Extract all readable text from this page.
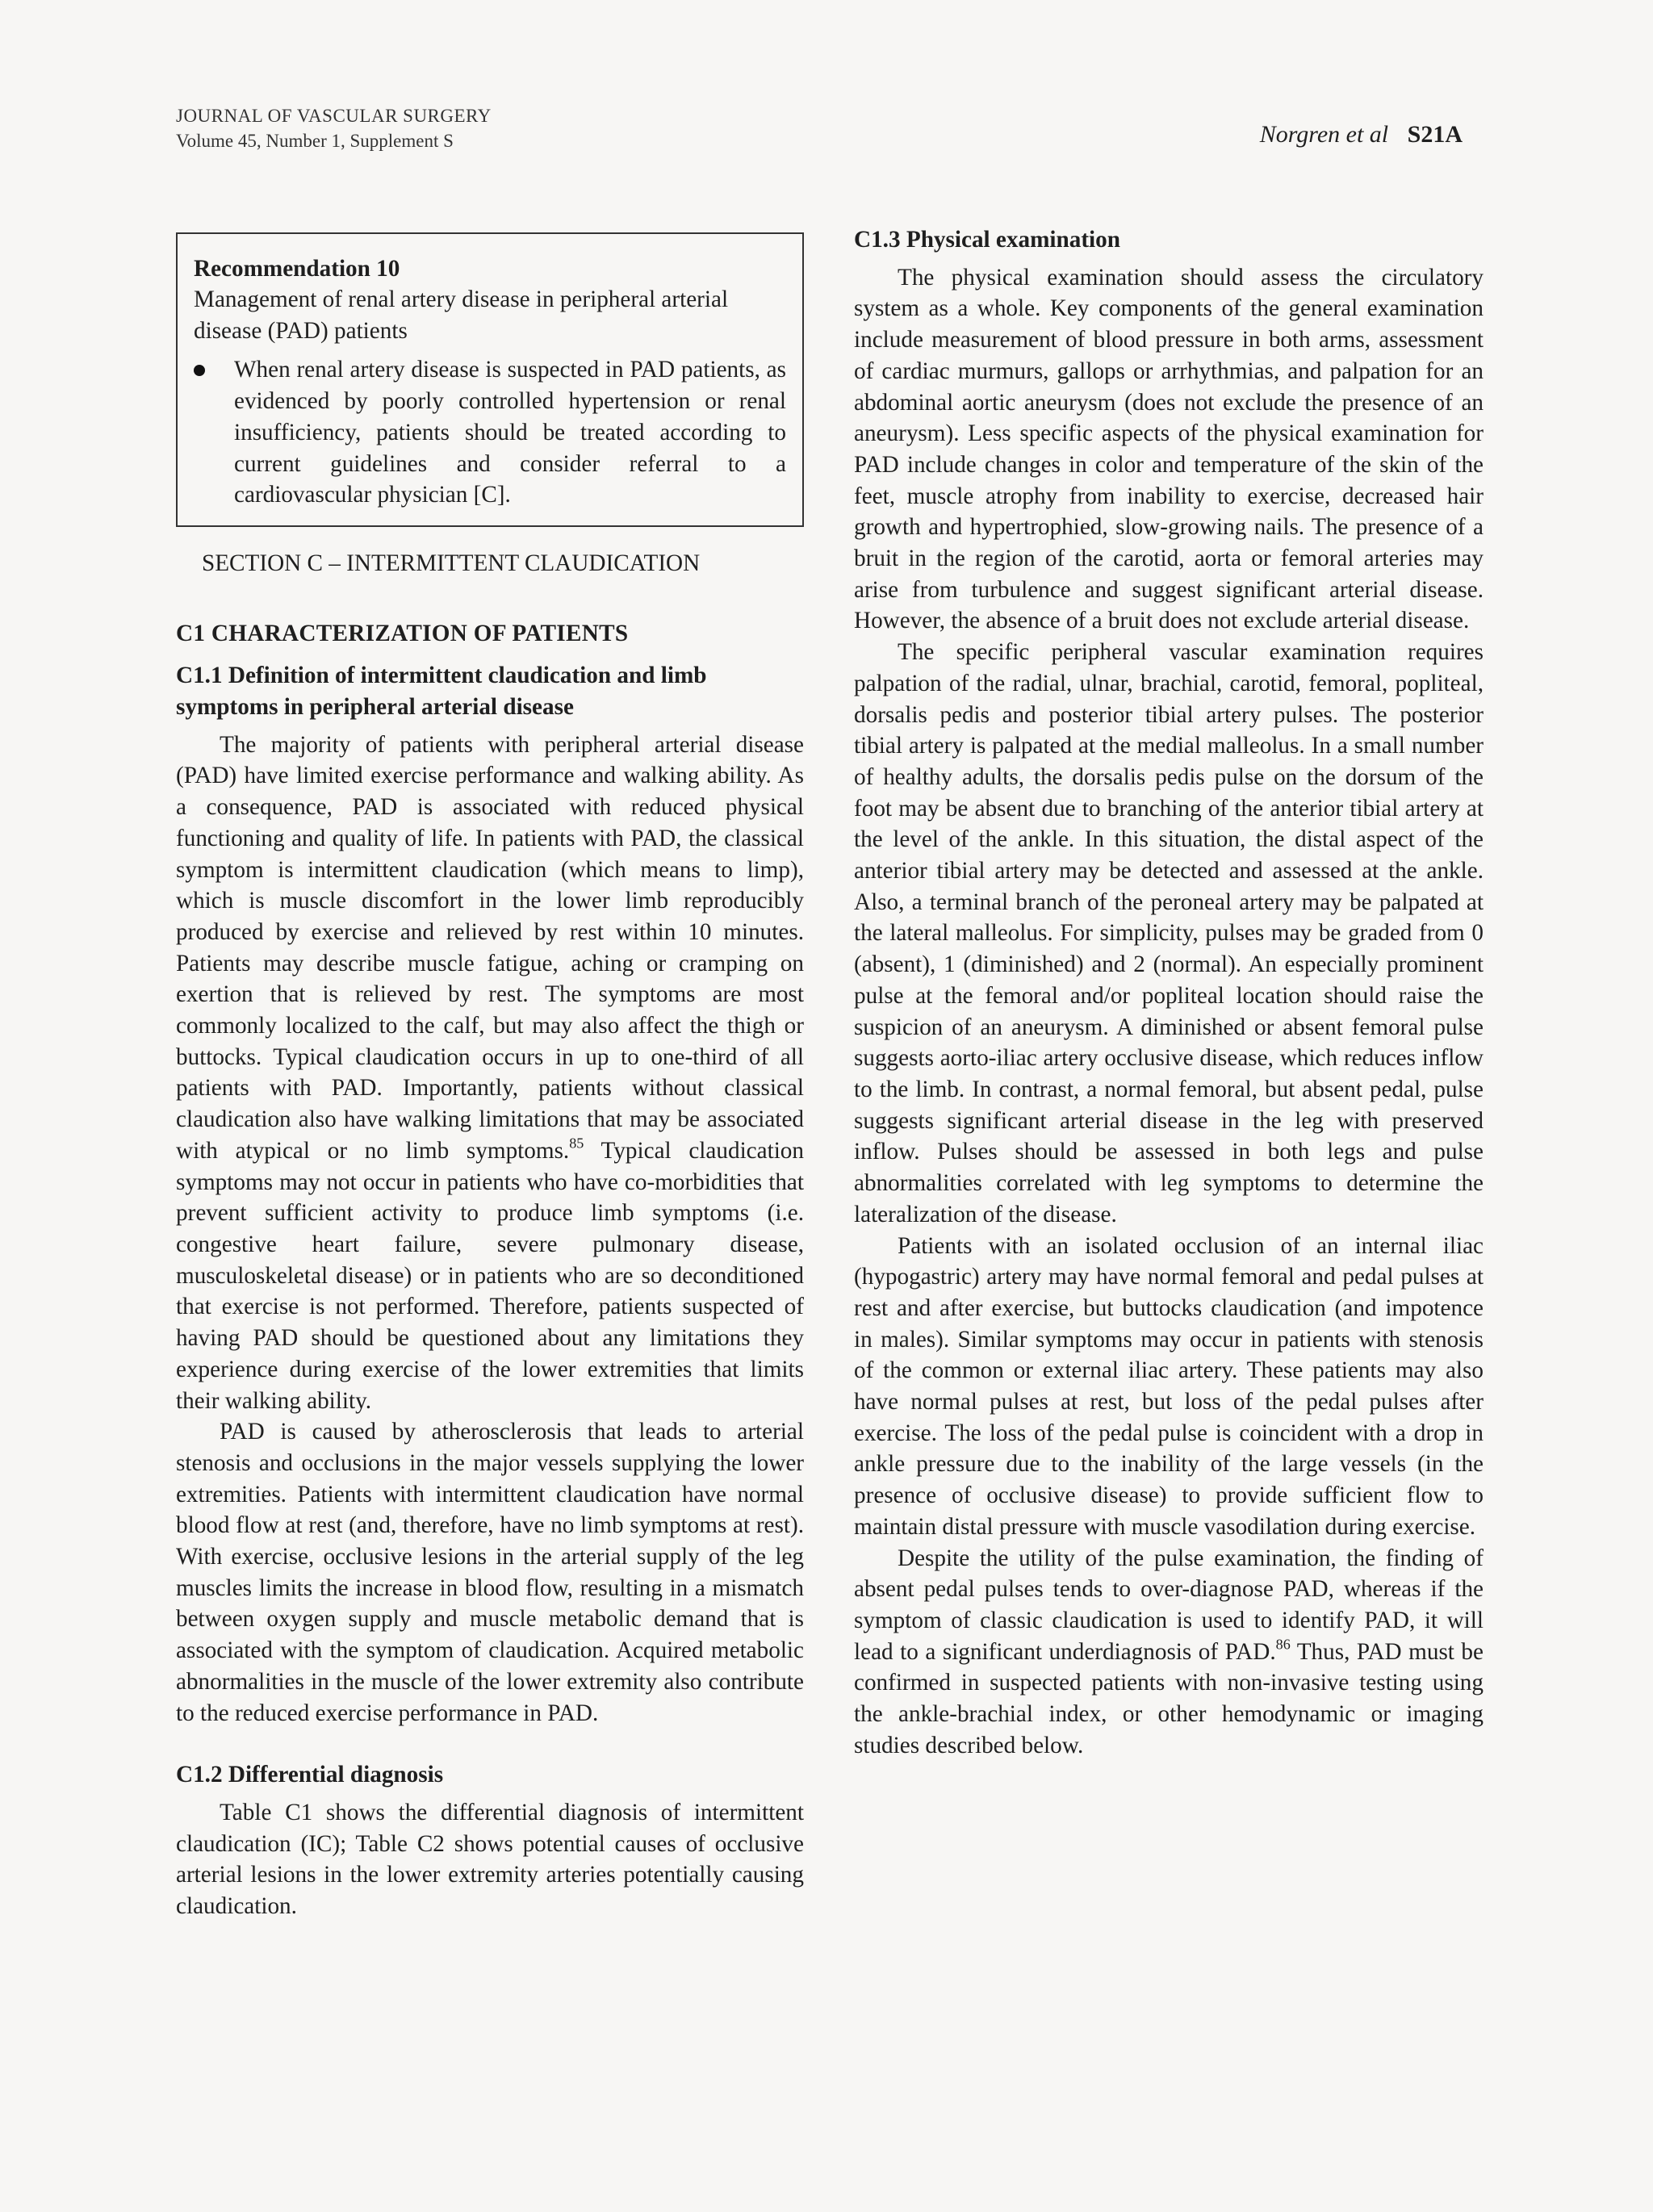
JOURNAL OF VASCULAR SURGERY
Volume 45, Number 1, Supplement S	Norgren et al S21A
Recommendation 10

Management of renal artery disease in peripheral arterial disease (PAD) patients

When renal artery disease is suspected in PAD patients, as evidenced by poorly controlled hypertension or renal insufficiency, patients should be treated according to current guidelines and consider referral to a cardiovascular physician [C].

SECTION C – INTERMITTENT CLAUDICATION
C1 CHARACTERIZATION OF PATIENTS
C1.1 Definition of intermittent claudication and limb symptoms in peripheral arterial disease

The majority of patients with peripheral arterial disease (PAD) have limited exercise performance and walking ability. As a consequence, PAD is associated with reduced physical functioning and quality of life. In patients with PAD, the classical symptom is intermittent claudication (which means to limp), which is muscle discomfort in the lower limb reproducibly produced by exercise and relieved by rest within 10 minutes. Patients may describe muscle fatigue, aching or cramping on exertion that is relieved by rest. The symptoms are most commonly localized to the calf, but may also affect the thigh or buttocks. Typical claudication occurs in up to one-third of all patients with PAD. Importantly, patients without classical claudication also have walking limitations that may be associated with atypical or no limb symptoms.$^{85}$ Typical claudication symptoms may not occur in patients who have co-morbidities that prevent sufficient activity to produce limb symptoms (i.e. congestive heart failure, severe pulmonary disease, musculoskeletal disease) or in patients who are so deconditioned that exercise is not performed. Therefore, patients suspected of having PAD should be questioned about any limitations they experience during exercise of the lower extremities that limits their walking ability.

PAD is caused by atherosclerosis that leads to arterial stenosis and occlusions in the major vessels supplying the lower extremities. Patients with intermittent claudication have normal blood flow at rest (and, therefore, have no limb symptoms at rest). With exercise, occlusive lesions in the arterial supply of the leg muscles limits the increase in blood flow, resulting in a mismatch between oxygen supply and muscle metabolic demand that is associated with the symptom of claudication. Acquired metabolic abnormalities in the muscle of the lower extremity also contribute to the reduced exercise performance in PAD.

C1.2 Differential diagnosis

Table C1 shows the differential diagnosis of intermittent claudication (IC); Table C2 shows potential causes of occlusive arterial lesions in the lower extremity arteries potentially causing claudication.

C1.3 Physical examination

The physical examination should assess the circulatory system as a whole. Key components of the general examination include measurement of blood pressure in both arms, assessment of cardiac murmurs, gallops or arrhythmias, and palpation for an abdominal aortic aneurysm (does not exclude the presence of an aneurysm). Less specific aspects of the physical examination for PAD include changes in color and temperature of the skin of the feet, muscle atrophy from inability to exercise, decreased hair growth and hypertrophied, slow-growing nails. The presence of a bruit in the region of the carotid, aorta or femoral arteries may arise from turbulence and suggest significant arterial disease. However, the absence of a bruit does not exclude arterial disease.

The specific peripheral vascular examination requires palpation of the radial, ulnar, brachial, carotid, femoral, popliteal, dorsalis pedis and posterior tibial artery pulses. The posterior tibial artery is palpated at the medial malleolus. In a small number of healthy adults, the dorsalis pedis pulse on the dorsum of the foot may be absent due to branching of the anterior tibial artery at the level of the ankle. In this situation, the distal aspect of the anterior tibial artery may be detected and assessed at the ankle. Also, a terminal branch of the peroneal artery may be palpated at the lateral malleolus. For simplicity, pulses may be graded from 0 (absent), 1 (diminished) and 2 (normal). An especially prominent pulse at the femoral and/or popliteal location should raise the suspicion of an aneurysm. A diminished or absent femoral pulse suggests aorto-iliac artery occlusive disease, which reduces inflow to the limb. In contrast, a normal femoral, but absent pedal, pulse suggests significant arterial disease in the leg with preserved inflow. Pulses should be assessed in both legs and pulse abnormalities correlated with leg symptoms to determine the lateralization of the disease.

Patients with an isolated occlusion of an internal iliac (hypogastric) artery may have normal femoral and pedal pulses at rest and after exercise, but buttocks claudication (and impotence in males). Similar symptoms may occur in patients with stenosis of the common or external iliac artery. These patients may also have normal pulses at rest, but loss of the pedal pulses after exercise. The loss of the pedal pulse is coincident with a drop in ankle pressure due to the inability of the large vessels (in the presence of occlusive disease) to provide sufficient flow to maintain distal pressure with muscle vasodilation during exercise.

Despite the utility of the pulse examination, the finding of absent pedal pulses tends to over-diagnose PAD, whereas if the symptom of classic claudication is used to identify PAD, it will lead to a significant underdiagnosis of PAD.$^{86}$ Thus, PAD must be confirmed in suspected patients with non-invasive testing using the ankle-brachial index, or other hemodynamic or imaging studies described below.
